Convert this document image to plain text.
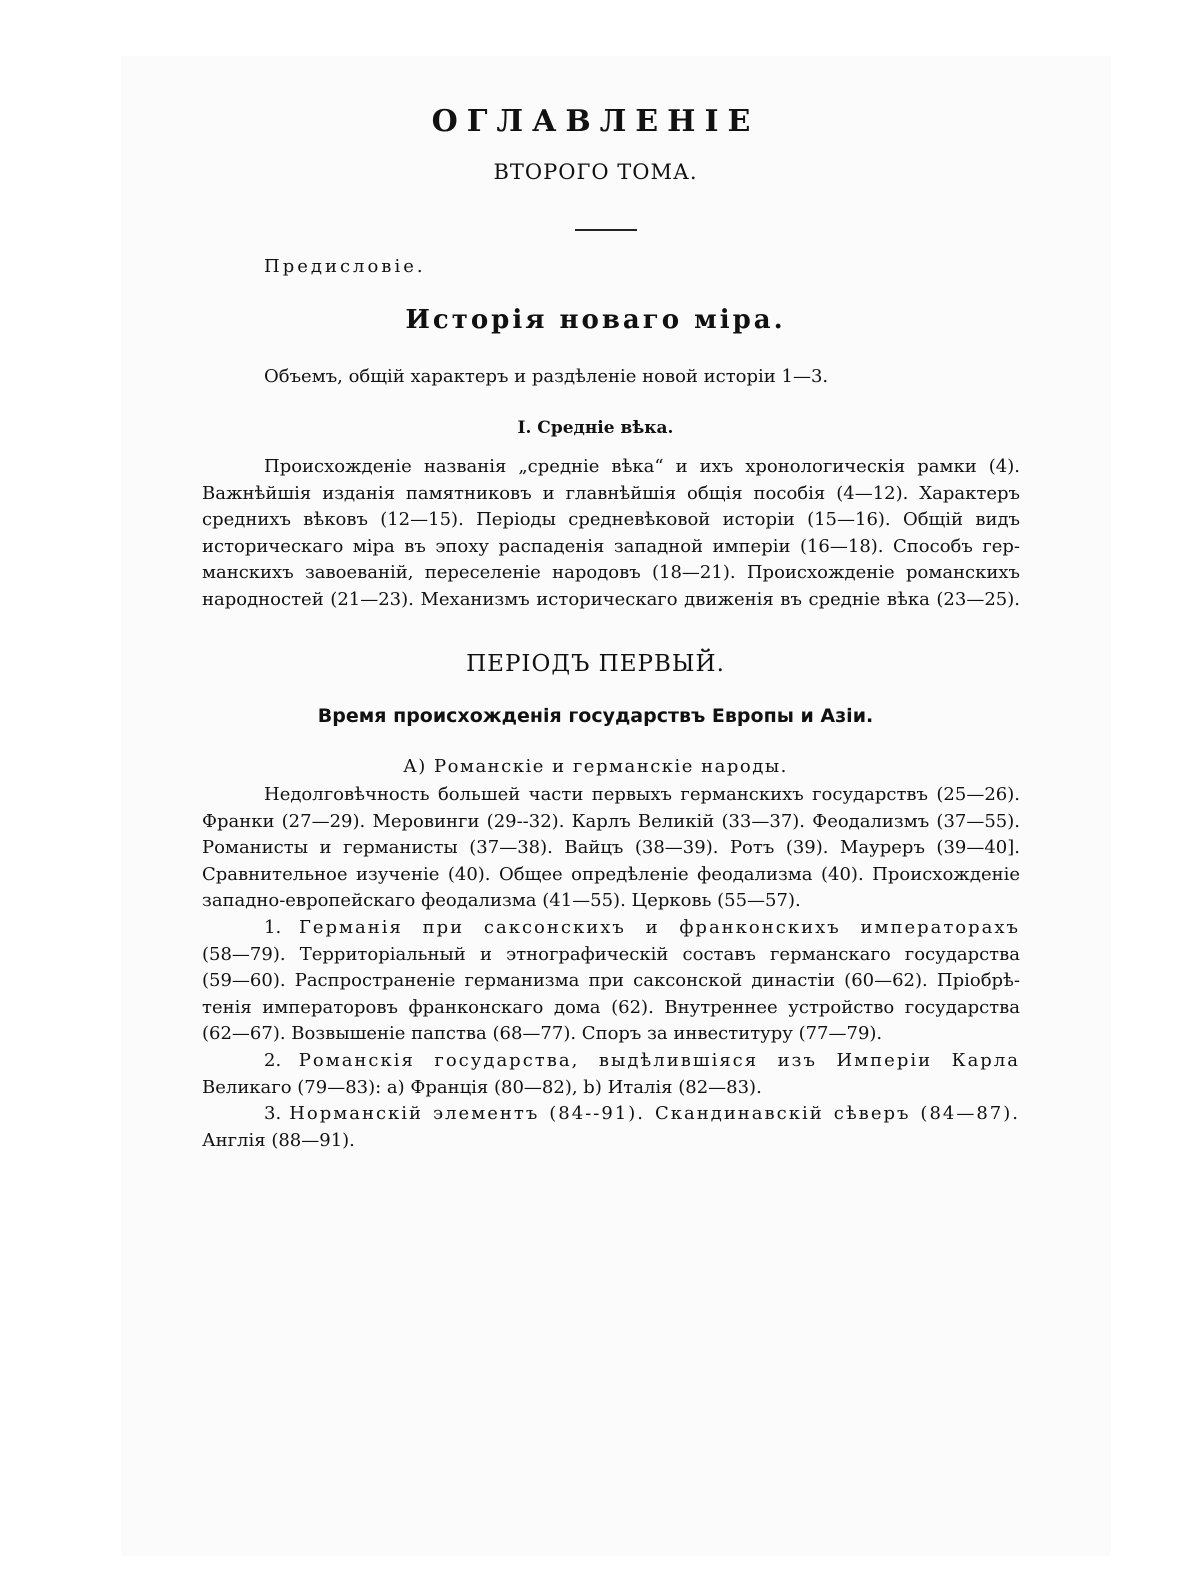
ОГЛАВЛЕНІЕ
ВТОРОГО ТОМА.

Предисловіе.

Исторія новаго міра.

Объемъ, общій характеръ и раздѣленіе новой исторіи 1—3.

I. Средніе вѣка.
Происхожденіе названія „средніе вѣка“ и ихъ хронологическія рамки (4).
Важнѣйшія изданія памятниковъ и главнѣйшія общія пособія (4—12). Характеръ
среднихъ вѣковъ (12—15). Періоды средневѣковой исторіи (15—16). Общій видъ
историческаго міра въ эпоху распаденія западной имперіи (16—18). Способъ гер-
манскихъ завоеваній, переселеніе народовъ (18—21). Происхожденіе романскихъ
народностей (21—23). Механизмъ историческаго движенія въ средніе вѣка (23—25).
ПЕРІОДЪ ПЕРВЫЙ.
Время происхожденія государствъ Европы и Азіи.
А) Романскіе и германскіе народы.
Недолговѣчность большей части первыхъ германскихъ государствъ (25—26).
Франки (27—29). Меровинги (29--32). Карлъ Великій (33—37). Феодализмъ (37—55).
Романисты и германисты (37—38). Вайцъ (38—39). Ротъ (39). Мауреръ (39—40].
Сравнительное изученіе (40). Общее опредѣленіе феодализма (40). Происхожденіе
западно-европейскаго феодализма (41—55). Церковь (55—57).
1. Германія при саксонскихъ и франконскихъ императорахъ
(58—79). Территоріальный и этнографическій составъ германскаго государства
(59—60). Распространеніе германизма при саксонской династіи (60—62). Пріобрѣ-
тенія императоровъ франконскаго дома (62). Внутреннее устройство государства
(62—67). Возвышеніе папства (68—77). Споръ за инвеституру (77—79).
2. Романскія государства, выдѣлившіяся изъ Имперіи Карла
Великаго (79—83): а) Франція (80—82), b) Италія (82—83).
3. Норманскій элементъ (84--91). Скандинавскій сѣверъ (84—87).
Англія (88—91).
